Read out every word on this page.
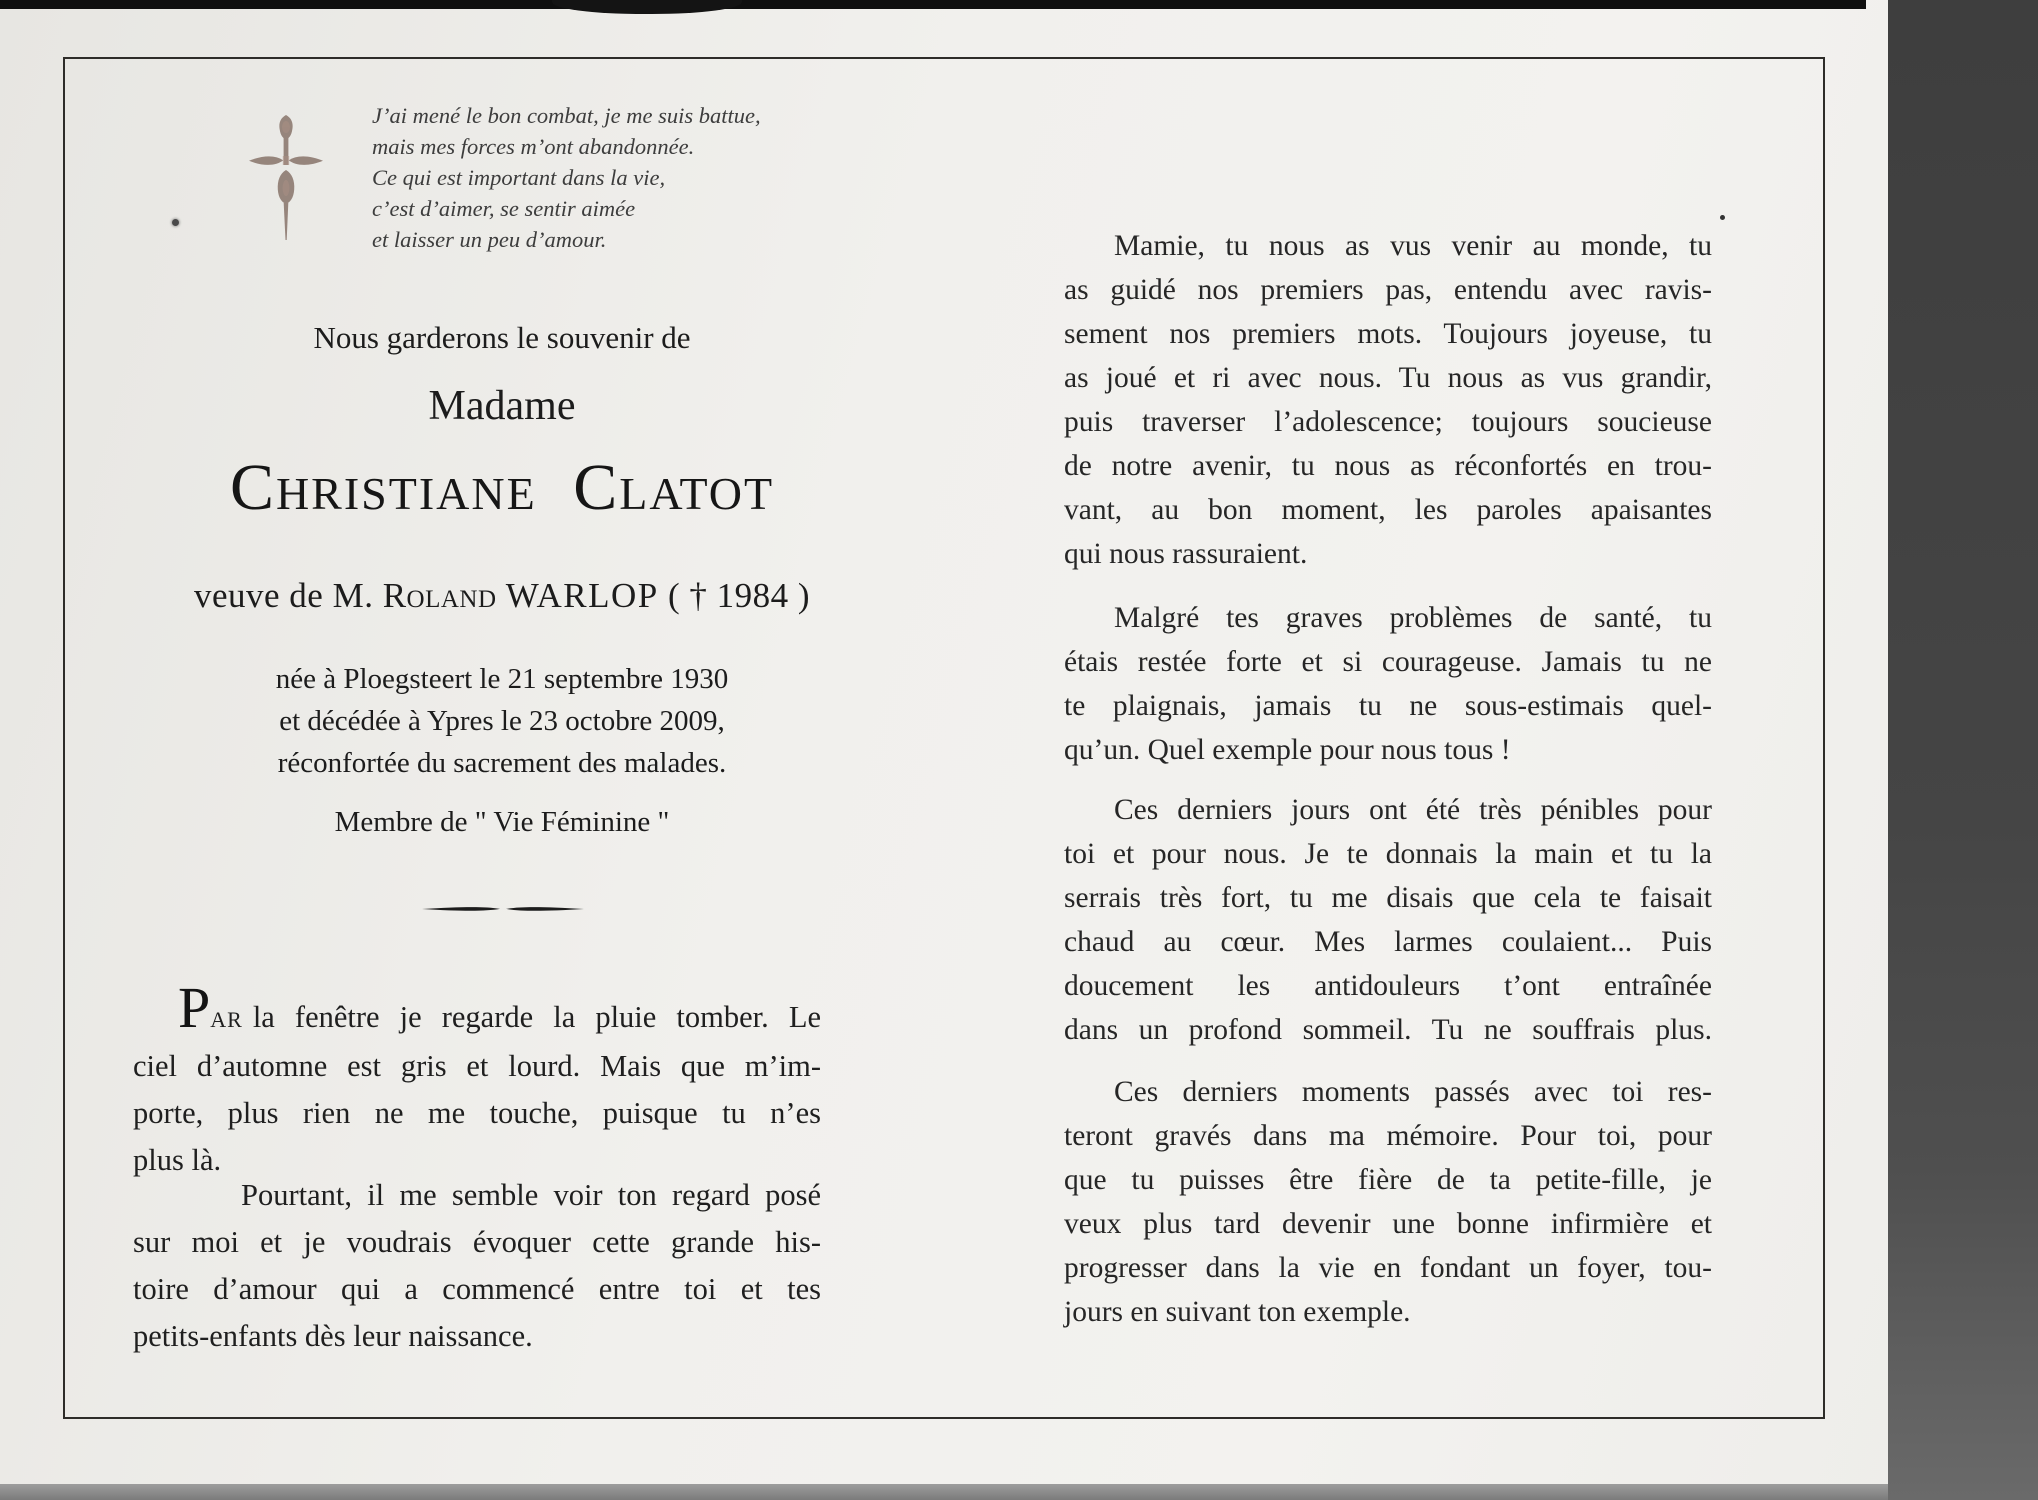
J’ai mené le bon combat, je me suis battue,
mais mes forces m’ont abandonnée.
Ce qui est important dans la vie,
c’est d’aimer, se sentir aimée
et laisser un peu d’amour.
Nous garderons le souvenir de
Madame
Christiane Clatot
veuve de M. Roland WARLOP ( † 1984 )
née à Ploegsteert le 21 septembre 1930
et décédée à Ypres le 23 octobre 2009,
réconfortée du sacrement des malades.
Membre de " Vie Féminine "
PAR la fenêtre je regarde la pluie tomber. Le
ciel d’automne est gris et lourd. Mais que m’im-
porte, plus rien ne me touche, puisque tu n’es
plus là.
Pourtant, il me semble voir ton regard posé
sur moi et je voudrais évoquer cette grande his-
toire d’amour qui a commencé entre toi et tes
petits-enfants dès leur naissance.
Mamie, tu nous as vus venir au monde, tu
as guidé nos premiers pas, entendu avec ravis-
sement nos premiers mots. Toujours joyeuse, tu
as joué et ri avec nous. Tu nous as vus grandir,
puis traverser l’adolescence; toujours soucieuse
de notre avenir, tu nous as réconfortés en trou-
vant, au bon moment, les paroles apaisantes
qui nous rassuraient.
Malgré tes graves problèmes de santé, tu
étais restée forte et si courageuse. Jamais tu ne
te plaignais, jamais tu ne sous-estimais quel-
qu’un. Quel exemple pour nous tous !
Ces derniers jours ont été très pénibles pour
toi et pour nous. Je te donnais la main et tu la
serrais très fort, tu me disais que cela te faisait
chaud au cœur. Mes larmes coulaient... Puis
doucement les antidouleurs t’ont entraînée
dans un profond sommeil. Tu ne souffrais plus.
Ces derniers moments passés avec toi res-
teront gravés dans ma mémoire. Pour toi, pour
que tu puisses être fière de ta petite-fille, je
veux plus tard devenir une bonne infirmière et
progresser dans la vie en fondant un foyer, tou-
jours en suivant ton exemple.
